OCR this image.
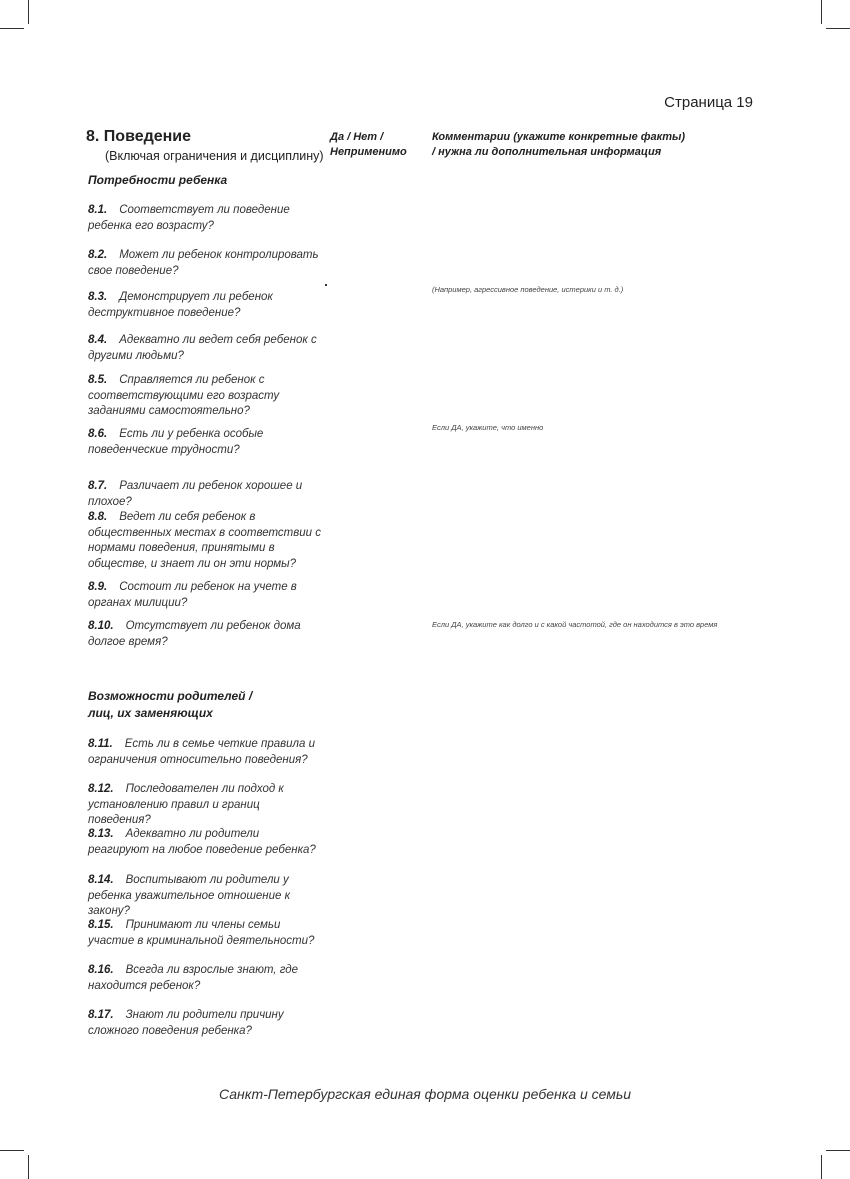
Страница 19
8. Поведение
(Включая ограничения и дисциплину)
Да / Нет /
Неприменимо
Комментарии (укажите конкретные факты)
/ нужна ли дополнительная информация
Потребности ребенка
8.1. Соответствует ли поведение ребенка его возрасту?
8.2. Может ли ребенок контролировать свое поведение?
8.3. Демонстрирует ли ребенок деструктивное поведение?
8.4. Адекватно ли ведет себя ребенок с другими людьми?
8.5. Справляется ли ребенок с соответствующими его возрасту заданиями самостоятельно?
8.6. Есть ли у ребенка особые поведенческие трудности?
8.7. Различает ли ребенок хорошее и плохое?
8.8. Ведет ли себя ребенок в общественных местах в соответствии с нормами поведения, принятыми в обществе, и знает ли он эти нормы?
8.9. Состоит ли ребенок на учете в органах милиции?
8.10. Отсутствует ли ребенок дома долгое время?
Возможности родителей /
лиц, их заменяющих
8.11. Есть ли в семье четкие правила и ограничения относительно поведения?
8.12. Последователен ли подход к установлению правил и границ поведения?
8.13. Адекватно ли родители реагируют на любое поведение ребенка?
8.14. Воспитывают ли родители у ребенка уважительное отношение к закону?
8.15. Принимают ли члены семьи участие в криминальной деятельности?
8.16. Всегда ли взрослые знают, где находится ребенок?
8.17. Знают ли родители причину сложного поведения ребенка?
(Например, агрессивное поведение, истерики и т. д.)
Если ДА, укажите, что именно
Если ДА, укажите как долго и с какой частотой, где он находится в это время
Санкт-Петербургская единая форма оценки ребенка и семьи
